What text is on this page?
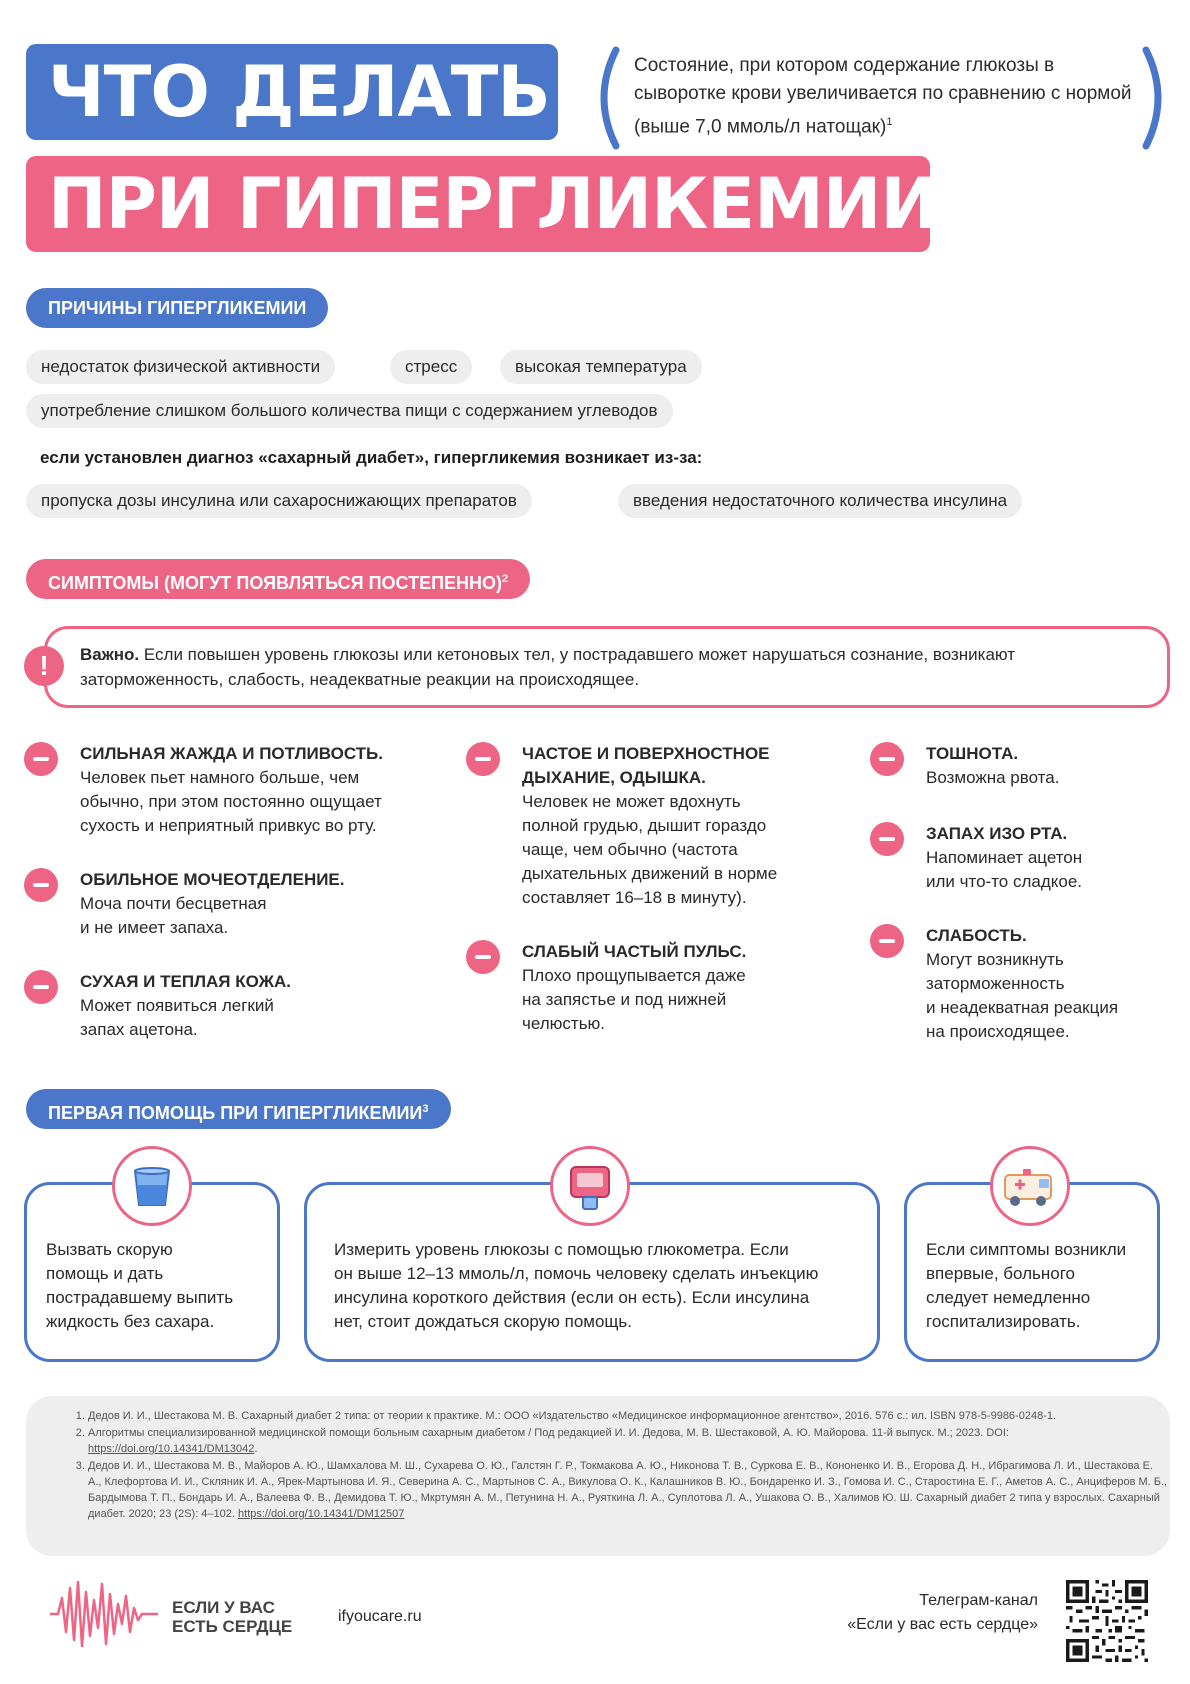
ЧТО ДЕЛАТЬ
ПРИ ГИПЕРГЛИКЕМИИ
Состояние, при котором содержание глюкозы в сыворотке крови увеличивается по сравнению с нормой (выше 7,0 ммоль/л натощак)$^1$
ПРИЧИНЫ ГИПЕРГЛИКЕМИИ
недостаток физической активности	стресс	высокая температура
употребление слишком большого количества пищи с содержанием углеводов
если установлен диагноз «сахарный диабет», гипергликемия возникает из-за:
пропуска дозы инсулина или сахароснижающих препаратов	введения недостаточного количества инсулина
СИМПТОМЫ (МОГУТ ПОЯВЛЯТЬСЯ ПОСТЕПЕННО)$^2$
!	Важно. Если повышен уровень глюкозы или кетоновых тел, у пострадавшего может нарушаться сознание, возникают заторможенность, слабость, неадекватные реакции на происходящее.
СИЛЬНАЯ ЖАЖДА И ПОТЛИВОСТЬ.
Человек пьет намного больше, чем
обычно, при этом постоянно ощущает
сухость и неприятный привкус во рту.
ОБИЛЬНОЕ МОЧЕОТДЕЛЕНИЕ.
Моча почти бесцветная
и не имеет запаха.
СУХАЯ И ТЕПЛАЯ КОЖА.
Может появиться легкий
запах ацетона.
ЧАСТОЕ И ПОВЕРХНОСТНОЕ
ДЫХАНИЕ, ОДЫШКА.
Человек не может вдохнуть
полной грудью, дышит гораздо
чаще, чем обычно (частота
дыхательных движений в норме
составляет 16–18 в минуту).
СЛАБЫЙ ЧАСТЫЙ ПУЛЬС.
Плохо прощупывается даже
на запястье и под нижней
челюстью.
ТОШНОТА.
Возможна рвота.
ЗАПАХ ИЗО РТА.
Напоминает ацетон
или что-то сладкое.
СЛАБОСТЬ.
Могут возникнуть
заторможенность
и неадекватная реакция
на происходящее.
ПЕРВАЯ ПОМОЩЬ ПРИ ГИПЕРГЛИКЕМИИ$^3$
Вызвать скорую
помощь и дать
пострадавшему выпить
жидкость без сахара.
Измерить уровень глюкозы с помощью глюкометра. Если
он выше 12–13 ммоль/л, помочь человеку сделать инъекцию
инсулина короткого действия (если он есть). Если инсулина
нет, стоит дождаться скорую помощь.
Если симптомы возникли
впервые, больного
следует немедленно
госпитализировать.
1. Дедов И. И., Шестакова М. В. Сахарный диабет 2 типа: от теории к практике. М.: ООО «Издательство «Медицинское информационное агентство», 2016. 576 с.: ил. ISBN 978-5-9986-0248-1.
2. Алгоритмы специализированной медицинской помощи больным сахарным диабетом / Под редакцией И. И. Дедова, М. В. Шестаковой, А. Ю. Майорова. 11-й выпуск. М.; 2023. DOI: https://doi.org/10.14341/DM13042.
3. Дедов И. И., Шестакова М. В., Майоров А. Ю., Шамхалова М. Ш., Сухарева О. Ю., Галстян Г. Р., Токмакова А. Ю., Никонова Т. В., Суркова Е. В., Кононенко И. В., Егорова Д. Н., Ибрагимова Л. И., Шестакова Е. А., Клефортова И. И., Скляник И. А., Ярек-Мартынова И. Я., Северина А. С., Мартынов С. А., Викулова О. К., Калашников В. Ю., Бондаренко И. З., Гомова И. С., Старостина Е. Г., Аметов А. С., Анциферов М. Б., Бардымова Т. П., Бондарь И. А., Валеева Ф. В., Демидова Т. Ю., Мкртумян А. М., Петунина Н. А., Руяткина Л. А., Суплотова Л. А., Ушакова О. В., Халимов Ю. Ш. Сахарный диабет 2 типа у взрослых. Сахарный диабет. 2020; 23 (2S): 4–102. https://doi.org/10.14341/DM12507
ЕСЛИ У ВАС
ЕСТЬ СЕРДЦЕ
ifyoucare.ru
Телеграм-канал
«Если у вас есть сердце»
